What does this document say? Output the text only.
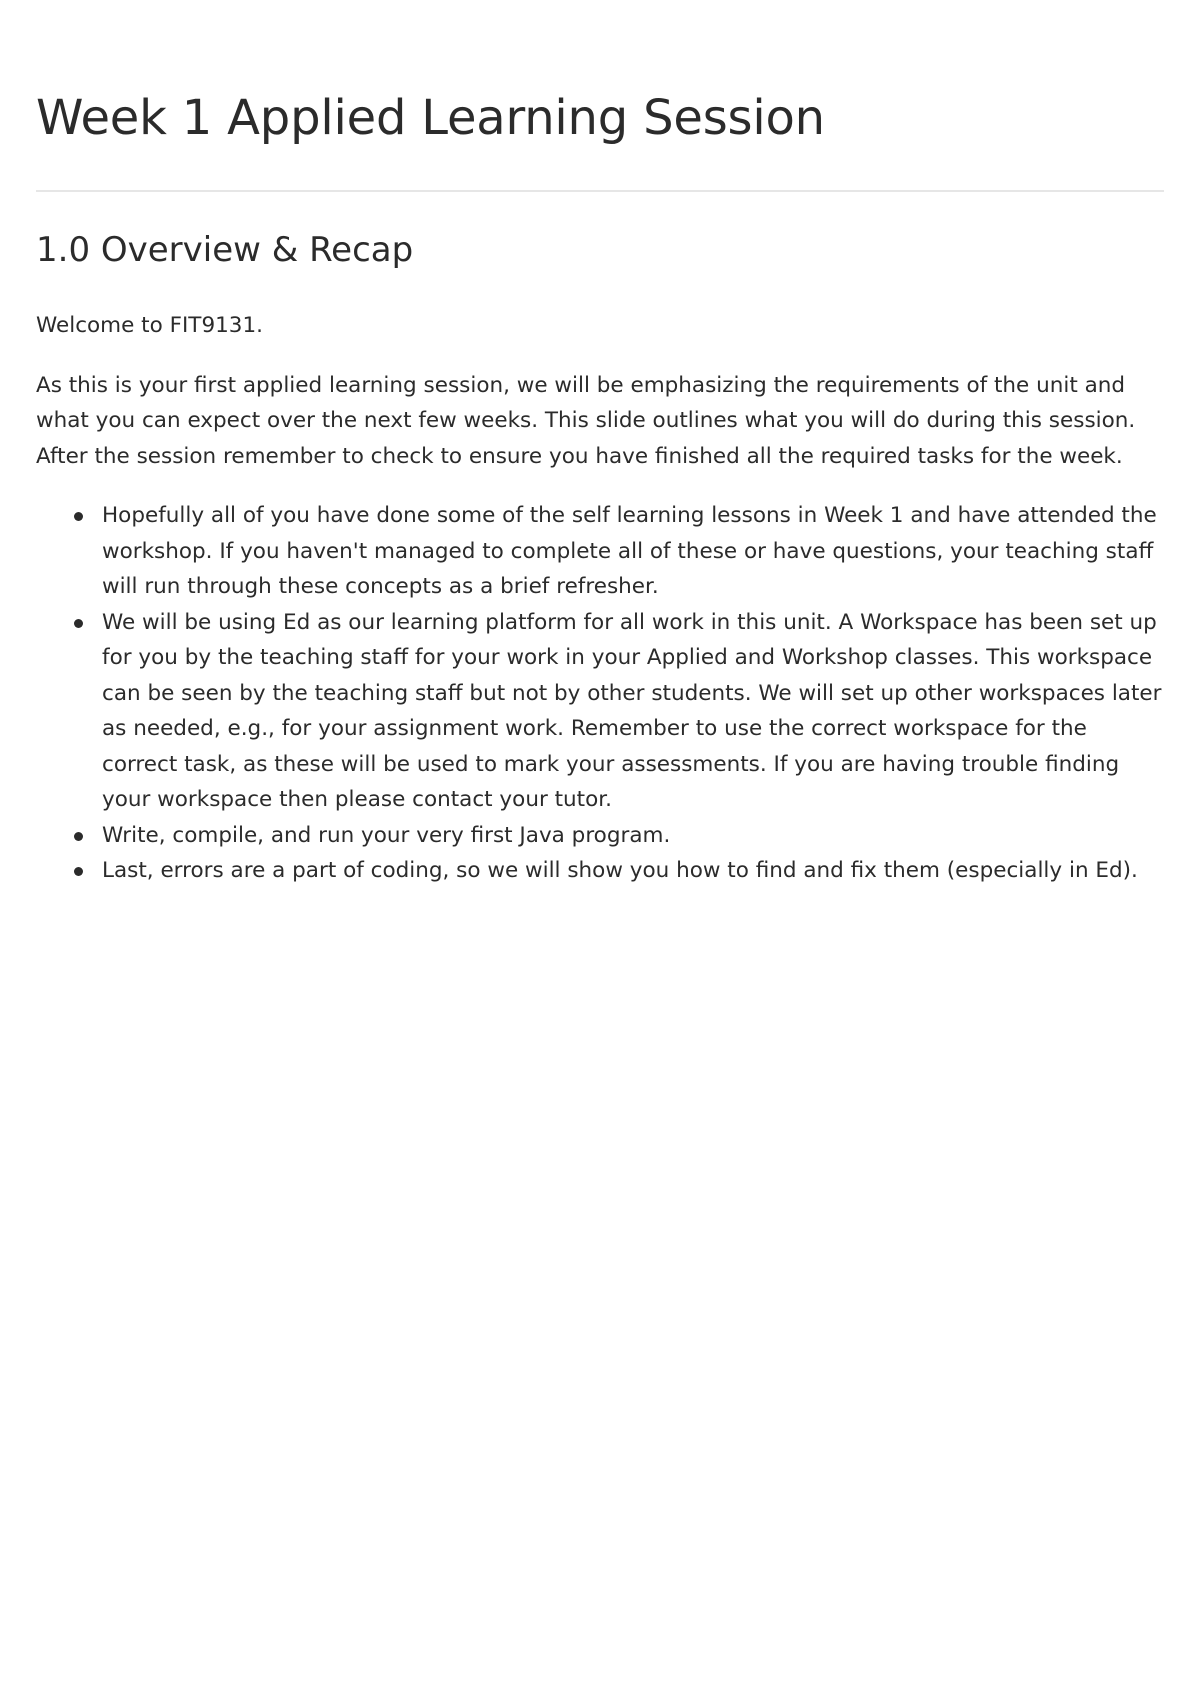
Week 1 Applied Learning Session
1.0 Overview & Recap

Welcome to FIT9131.

As this is your first applied learning session, we will be emphasizing the requirements of the unit and what you can expect over the next few weeks. This slide outlines what you will do during this session. After the session remember to check to ensure you have finished all the required tasks for the week.

Hopefully all of you have done some of the self learning lessons in Week 1 and have attended the workshop. If you haven't managed to complete all of these or have questions, your teaching staff will run through these concepts as a brief refresher.
We will be using Ed as our learning platform for all work in this unit. A Workspace has been set up for you by the teaching staff for your work in your Applied and Workshop classes. This workspace can be seen by the teaching staff but not by other students. We will set up other workspaces later as needed, e.g., for your assignment work. Remember to use the correct workspace for the correct task, as these will be used to mark your assessments. If you are having trouble finding your workspace then please contact your tutor.
Write, compile, and run your very first Java program.
Last, errors are a part of coding, so we will show you how to find and fix them (especially in Ed).
